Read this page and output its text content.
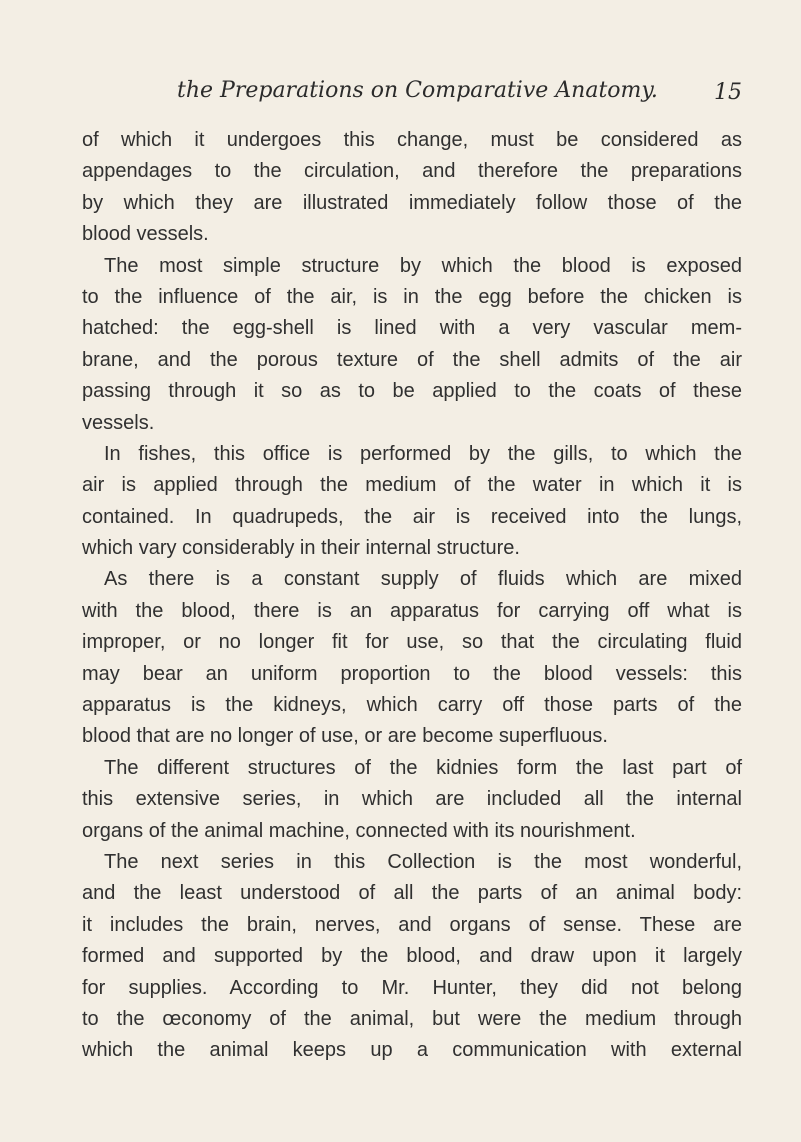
the Preparations on Comparative Anatomy.	15
of which it undergoes this change, must be considered as
appendages to the circulation, and therefore the preparations
by which they are illustrated immediately follow those of the
blood vessels.
The most simple structure by which the blood is exposed
to the influence of the air, is in the egg before the chicken is
hatched: the egg-shell is lined with a very vascular mem-
brane, and the porous texture of the shell admits of the air
passing through it so as to be applied to the coats of these
vessels.
In fishes, this office is performed by the gills, to which the
air is applied through the medium of the water in which it is
contained. In quadrupeds, the air is received into the lungs,
which vary considerably in their internal structure.
As there is a constant supply of fluids which are mixed
with the blood, there is an apparatus for carrying off what is
improper, or no longer fit for use, so that the circulating fluid
may bear an uniform proportion to the blood vessels: this
apparatus is the kidneys, which carry off those parts of the
blood that are no longer of use, or are become superfluous.
The different structures of the kidnies form the last part of
this extensive series, in which are included all the internal
organs of the animal machine, connected with its nourishment.
The next series in this Collection is the most wonderful,
and the least understood of all the parts of an animal body:
it includes the brain, nerves, and organs of sense. These are
formed and supported by the blood, and draw upon it largely
for supplies. According to Mr. Hunter, they did not belong
to the œconomy of the animal, but were the medium through
which the animal keeps up a communication with external
